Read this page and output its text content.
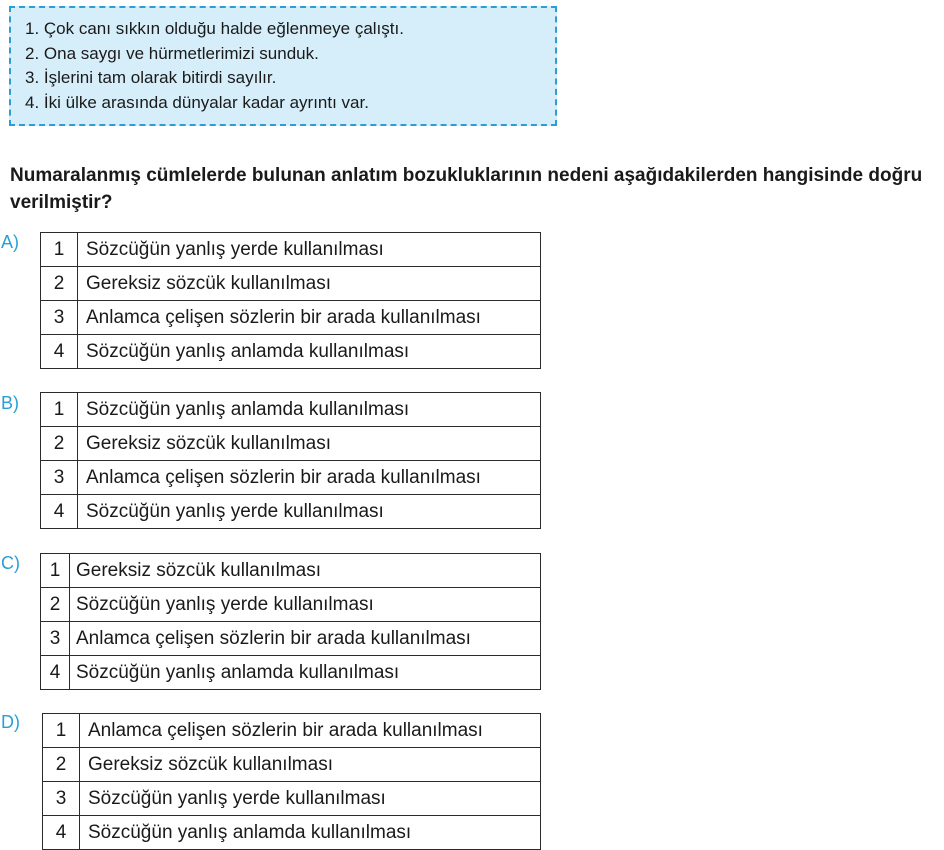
1. Çok canı sıkkın olduğu halde eğlenmeye çalıştı.
2. Ona saygı ve hürmetlerimizi sunduk.
3. İşlerini tam olarak bitirdi sayılır.
4. İki ülke arasında dünyalar kadar ayrıntı var.
Numaralanmış cümlelerde bulunan anlatım bozukluklarının nedeni aşağıdakilerden hangisinde doğru verilmiştir?
A) 1	Sözcüğün yanlış yerde kullanılması
2	Gereksiz sözcük kullanılması
3	Anlamca çelişen sözlerin bir arada kullanılması
4	Sözcüğün yanlış anlamda kullanılması
B) 1	Sözcüğün yanlış anlamda kullanılması
2	Gereksiz sözcük kullanılması
3	Anlamca çelişen sözlerin bir arada kullanılması
4	Sözcüğün yanlış yerde kullanılması
C) 1	Gereksiz sözcük kullanılması
2	Sözcüğün yanlış yerde kullanılması
3	Anlamca çelişen sözlerin bir arada kullanılması
4	Sözcüğün yanlış anlamda kullanılması
D) 1	Anlamca çelişen sözlerin bir arada kullanılması
2	Gereksiz sözcük kullanılması
3	Sözcüğün yanlış yerde kullanılması
4	Sözcüğün yanlış anlamda kullanılması
